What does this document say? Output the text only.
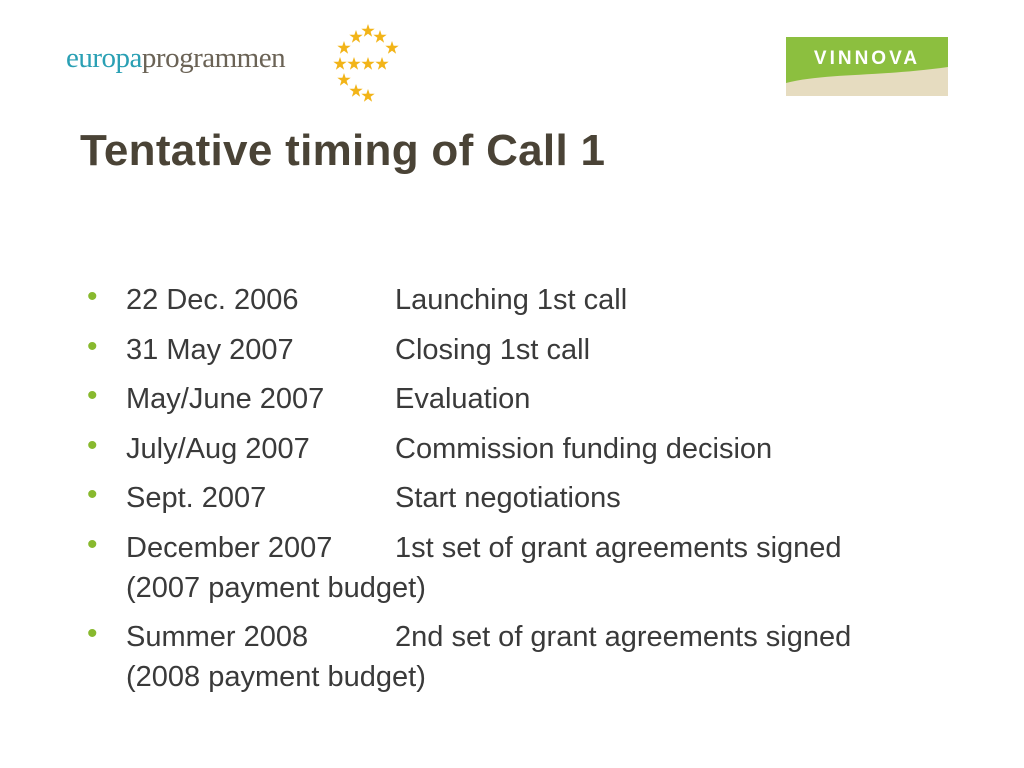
europaprogrammen	VINNOVA
Tentative timing of Call 1
• 22 Dec. 2006	Launching 1st call
• 31 May 2007	Closing 1st call
• May/June 2007 Evaluation
• July/Aug 2007	Commission funding decision
• Sept. 2007	Start negotiations
• December 2007 1st set of grant agreements signed
(2007 payment budget)
• Summer 2008	2nd set of grant agreements signed
(2008 payment budget)
